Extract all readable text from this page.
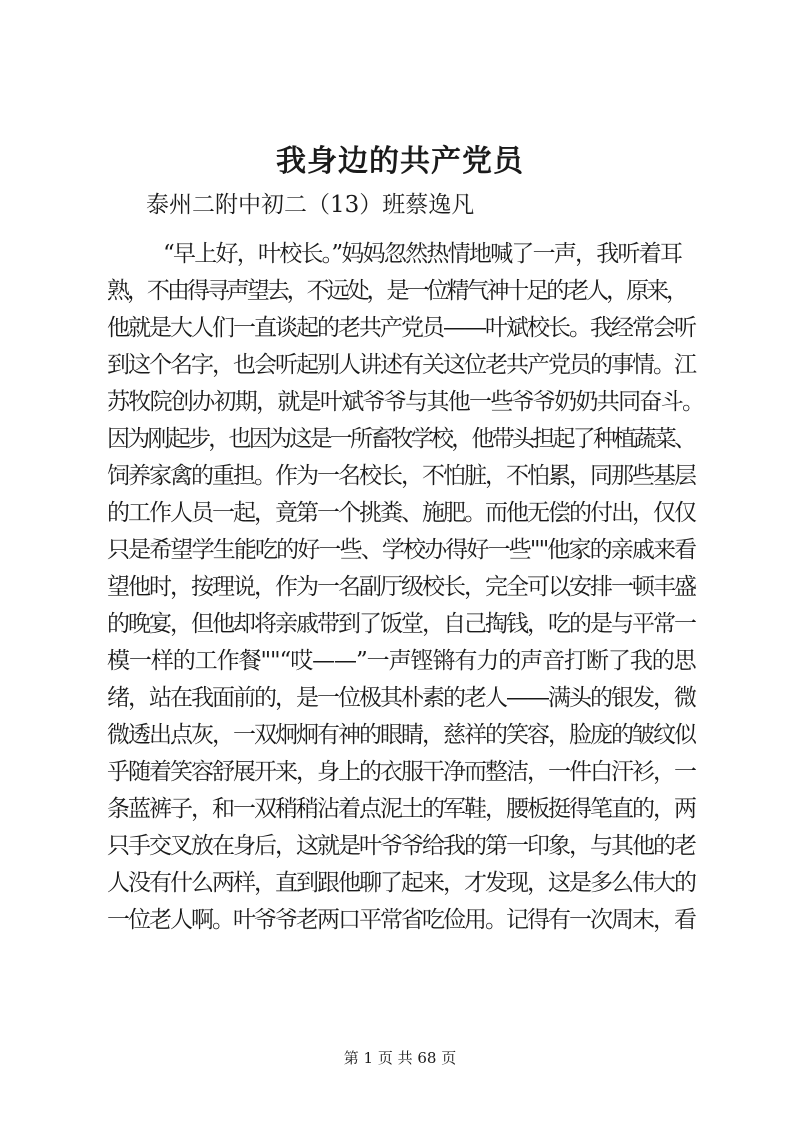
我身边的共产党员
泰州二附中初二（13）班蔡逸凡
“早上好，叶校长。”妈妈忽然热情地喊了一声，我听着耳
熟，不由得寻声望去，不远处，是一位精气神十足的老人，原来，
他就是大人们一直谈起的老共产党员——叶斌校长。我经常会听
到这个名字，也会听起别人讲述有关这位老共产党员的事情。江
苏牧院创办初期，就是叶斌爷爷与其他一些爷爷奶奶共同奋斗。
因为刚起步，也因为这是一所畜牧学校，他带头担起了种植蔬菜、
饲养家禽的重担。作为一名校长，不怕脏，不怕累，同那些基层
的工作人员一起，竟第一个挑粪、施肥。而他无偿的付出，仅仅
只是希望学生能吃的好一些、学校办得好一些""他家的亲戚来看
望他时，按理说，作为一名副厅级校长，完全可以安排一顿丰盛
的晚宴，但他却将亲戚带到了饭堂，自己掏钱，吃的是与平常一
模一样的工作餐""“哎——”一声铿锵有力的声音打断了我的思
绪，站在我面前的，是一位极其朴素的老人——满头的银发，微
微透出点灰，一双炯炯有神的眼睛，慈祥的笑容，脸庞的皱纹似
乎随着笑容舒展开来，身上的衣服干净而整洁，一件白汗衫，一
条蓝裤子，和一双稍稍沾着点泥土的军鞋，腰板挺得笔直的，两
只手交叉放在身后，这就是叶爷爷给我的第一印象，与其他的老
人没有什么两样，直到跟他聊了起来，才发现，这是多么伟大的
一位老人啊。叶爷爷老两口平常省吃俭用。记得有一次周末，看
第 1 页 共 68 页
